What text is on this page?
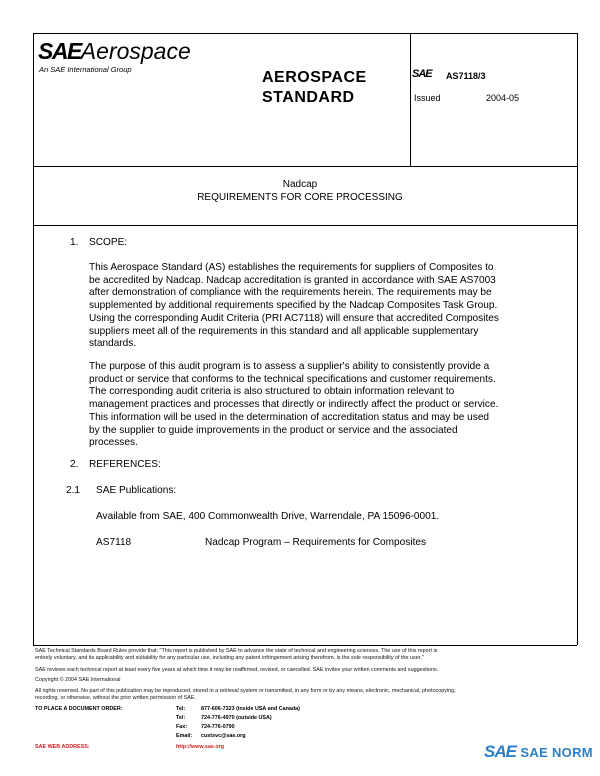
SAEAerospace
An SAE International Group	AEROSPACE
STANDARD
SAE AS7118/3
Issued	2004-05
Nadcap
REQUIREMENTS FOR CORE PROCESSING
1. SCOPE:
This Aerospace Standard (AS) establishes the requirements for suppliers of Composites to
be accredited by Nadcap. Nadcap accreditation is granted in accordance with SAE AS7003
after demonstration of compliance with the requirements herein. The requirements may be
supplemented by additional requirements specified by the Nadcap Composites Task Group.
Using the corresponding Audit Criteria (PRI AC7118) will ensure that accredited Composites
suppliers meet all of the requirements in this standard and all applicable supplementary
standards.
The purpose of this audit program is to assess a supplier's ability to consistently provide a
product or service that conforms to the technical specifications and customer requirements.
The corresponding audit criteria is also structured to obtain information relevant to
management practices and processes that directly or indirectly affect the product or service.
This information will be used in the determination of accreditation status and may be used
by the supplier to guide improvements in the product or service and the associated
processes.
2. REFERENCES:
2.1 SAE Publications:
Available from SAE, 400 Commonwealth Drive, Warrendale, PA 15096-0001.
AS7118	Nadcap Program – Requirements for Composites
SAE Technical Standards Board Rules provide that: "This report is published by SAE to advance the state of technical and engineering sciences. The use of this report is
entirely voluntary, and its applicability and suitability for any particular use, including any patent infringement arising therefrom, is the sole responsibility of the user."
SAE reviews each technical report at least every five years at which time it may be reaffirmed, revised, or cancelled. SAE invites your written comments and suggestions.
Copyright © 2004 SAE International
All rights reserved. No part of this publication may be reproduced, stored in a retrieval system or transmitted, in any form or by any means, electronic, mechanical, photocopying,
recording, or otherwise, without the prior written permission of SAE.
TO PLACE A DOCUMENT ORDER:	Tel:	877-606-7323 (inside USA and Canada)
Tel:	724-776-4970 (outside USA)
Fax:	724-776-0790
Email: custsvc@sae.org
SAE WEB ADDRESS:	http://www.sae.org	SAE SAE NORM
